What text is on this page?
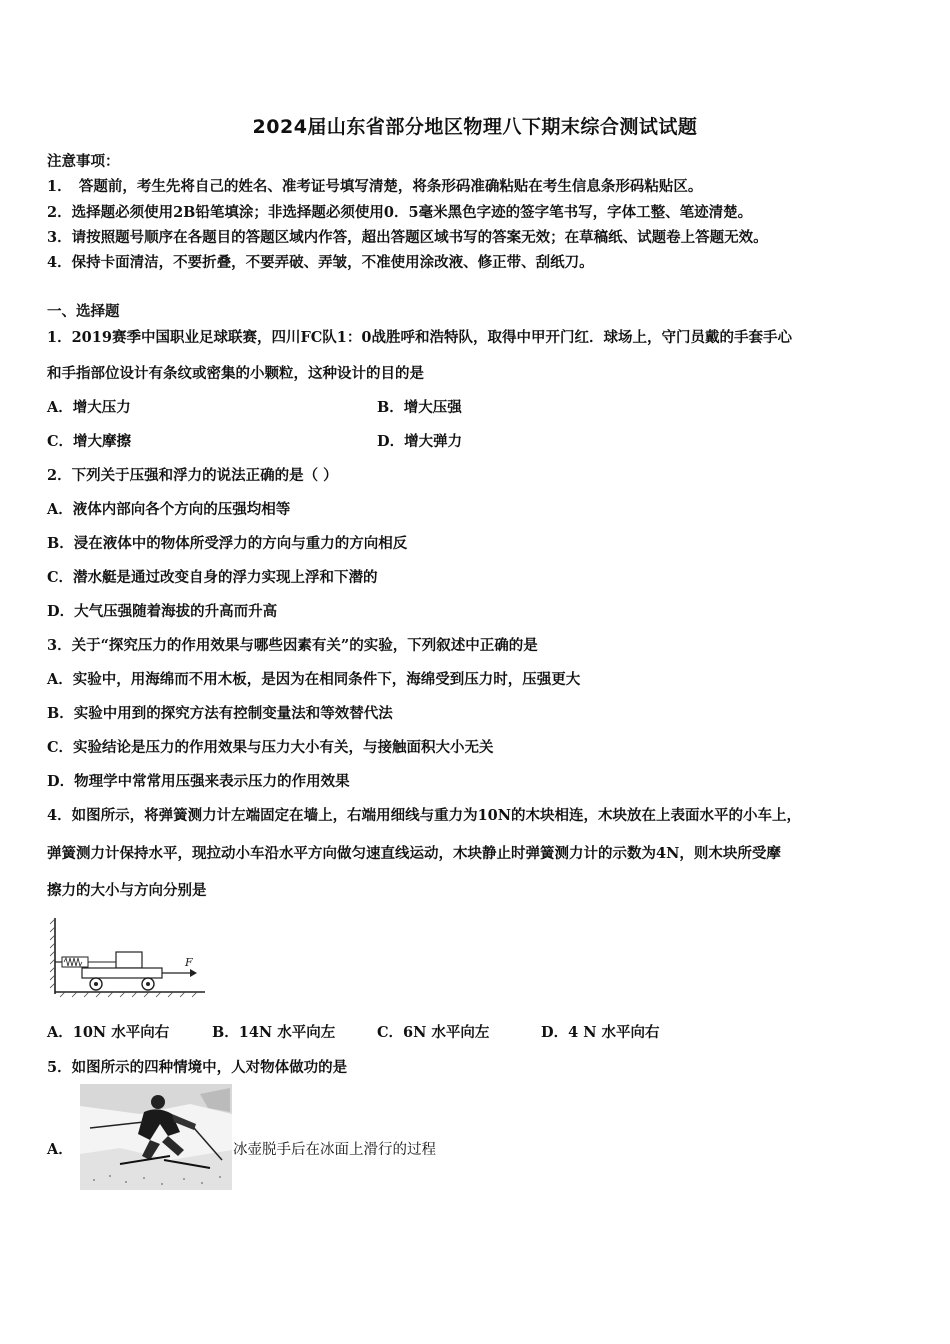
2024届山东省部分地区物理八下期末综合测试试题
注意事项：
1．　答题前，考生先将自己的姓名、准考证号填写清楚，将条形码准确粘贴在考生信息条形码粘贴区。
2．选择题必须使用2B铅笔填涂；非选择题必须使用0．5毫米黑色字迹的签字笔书写，字体工整、笔迹清楚。
3．请按照题号顺序在各题目的答题区域内作答，超出答题区域书写的答案无效；在草稿纸、试题卷上答题无效。
4．保持卡面清洁，不要折叠，不要弄破、弄皱，不准使用涂改液、修正带、刮纸刀。
一、选择题
1．2019赛季中国职业足球联赛，四川FC队1：0战胜呼和浩特队，取得中甲开门红．球场上，守门员戴的手套手心
和手指部位设计有条纹或密集的小颗粒，这种设计的目的是
A．增大压力	B．增大压强
C．增大摩擦	D．增大弹力
2．下列关于压强和浮力的说法正确的是（ ）
A．液体内部向各个方向的压强均相等
B．浸在液体中的物体所受浮力的方向与重力的方向相反
C．潜水艇是通过改变自身的浮力实现上浮和下潜的
D．大气压强随着海拔的升高而升高
3．关于“探究压力的作用效果与哪些因素有关”的实验，下列叙述中正确的是
A．实验中，用海绵而不用木板，是因为在相同条件下，海绵受到压力时，压强更大
B．实验中用到的探究方法有控制变量法和等效替代法
C．实验结论是压力的作用效果与压力大小有关，与接触面积大小无关
D．物理学中常常用压强来表示压力的作用效果
4．如图所示，将弹簧测力计左端固定在墙上，右端用细线与重力为10N的木块相连，木块放在上表面水平的小车上，
弹簧测力计保持水平，现拉动小车沿水平方向做匀速直线运动，木块静止时弹簧测力计的示数为4N，则木块所受摩
擦力的大小与方向分别是
F
A．10N 水平向右	B．14N 水平向左	C．6N 水平向左	D．4 N 水平向右
5．如图所示的四种情境中，人对物体做功的是
A．	冰壶脱手后在冰面上滑行的过程
